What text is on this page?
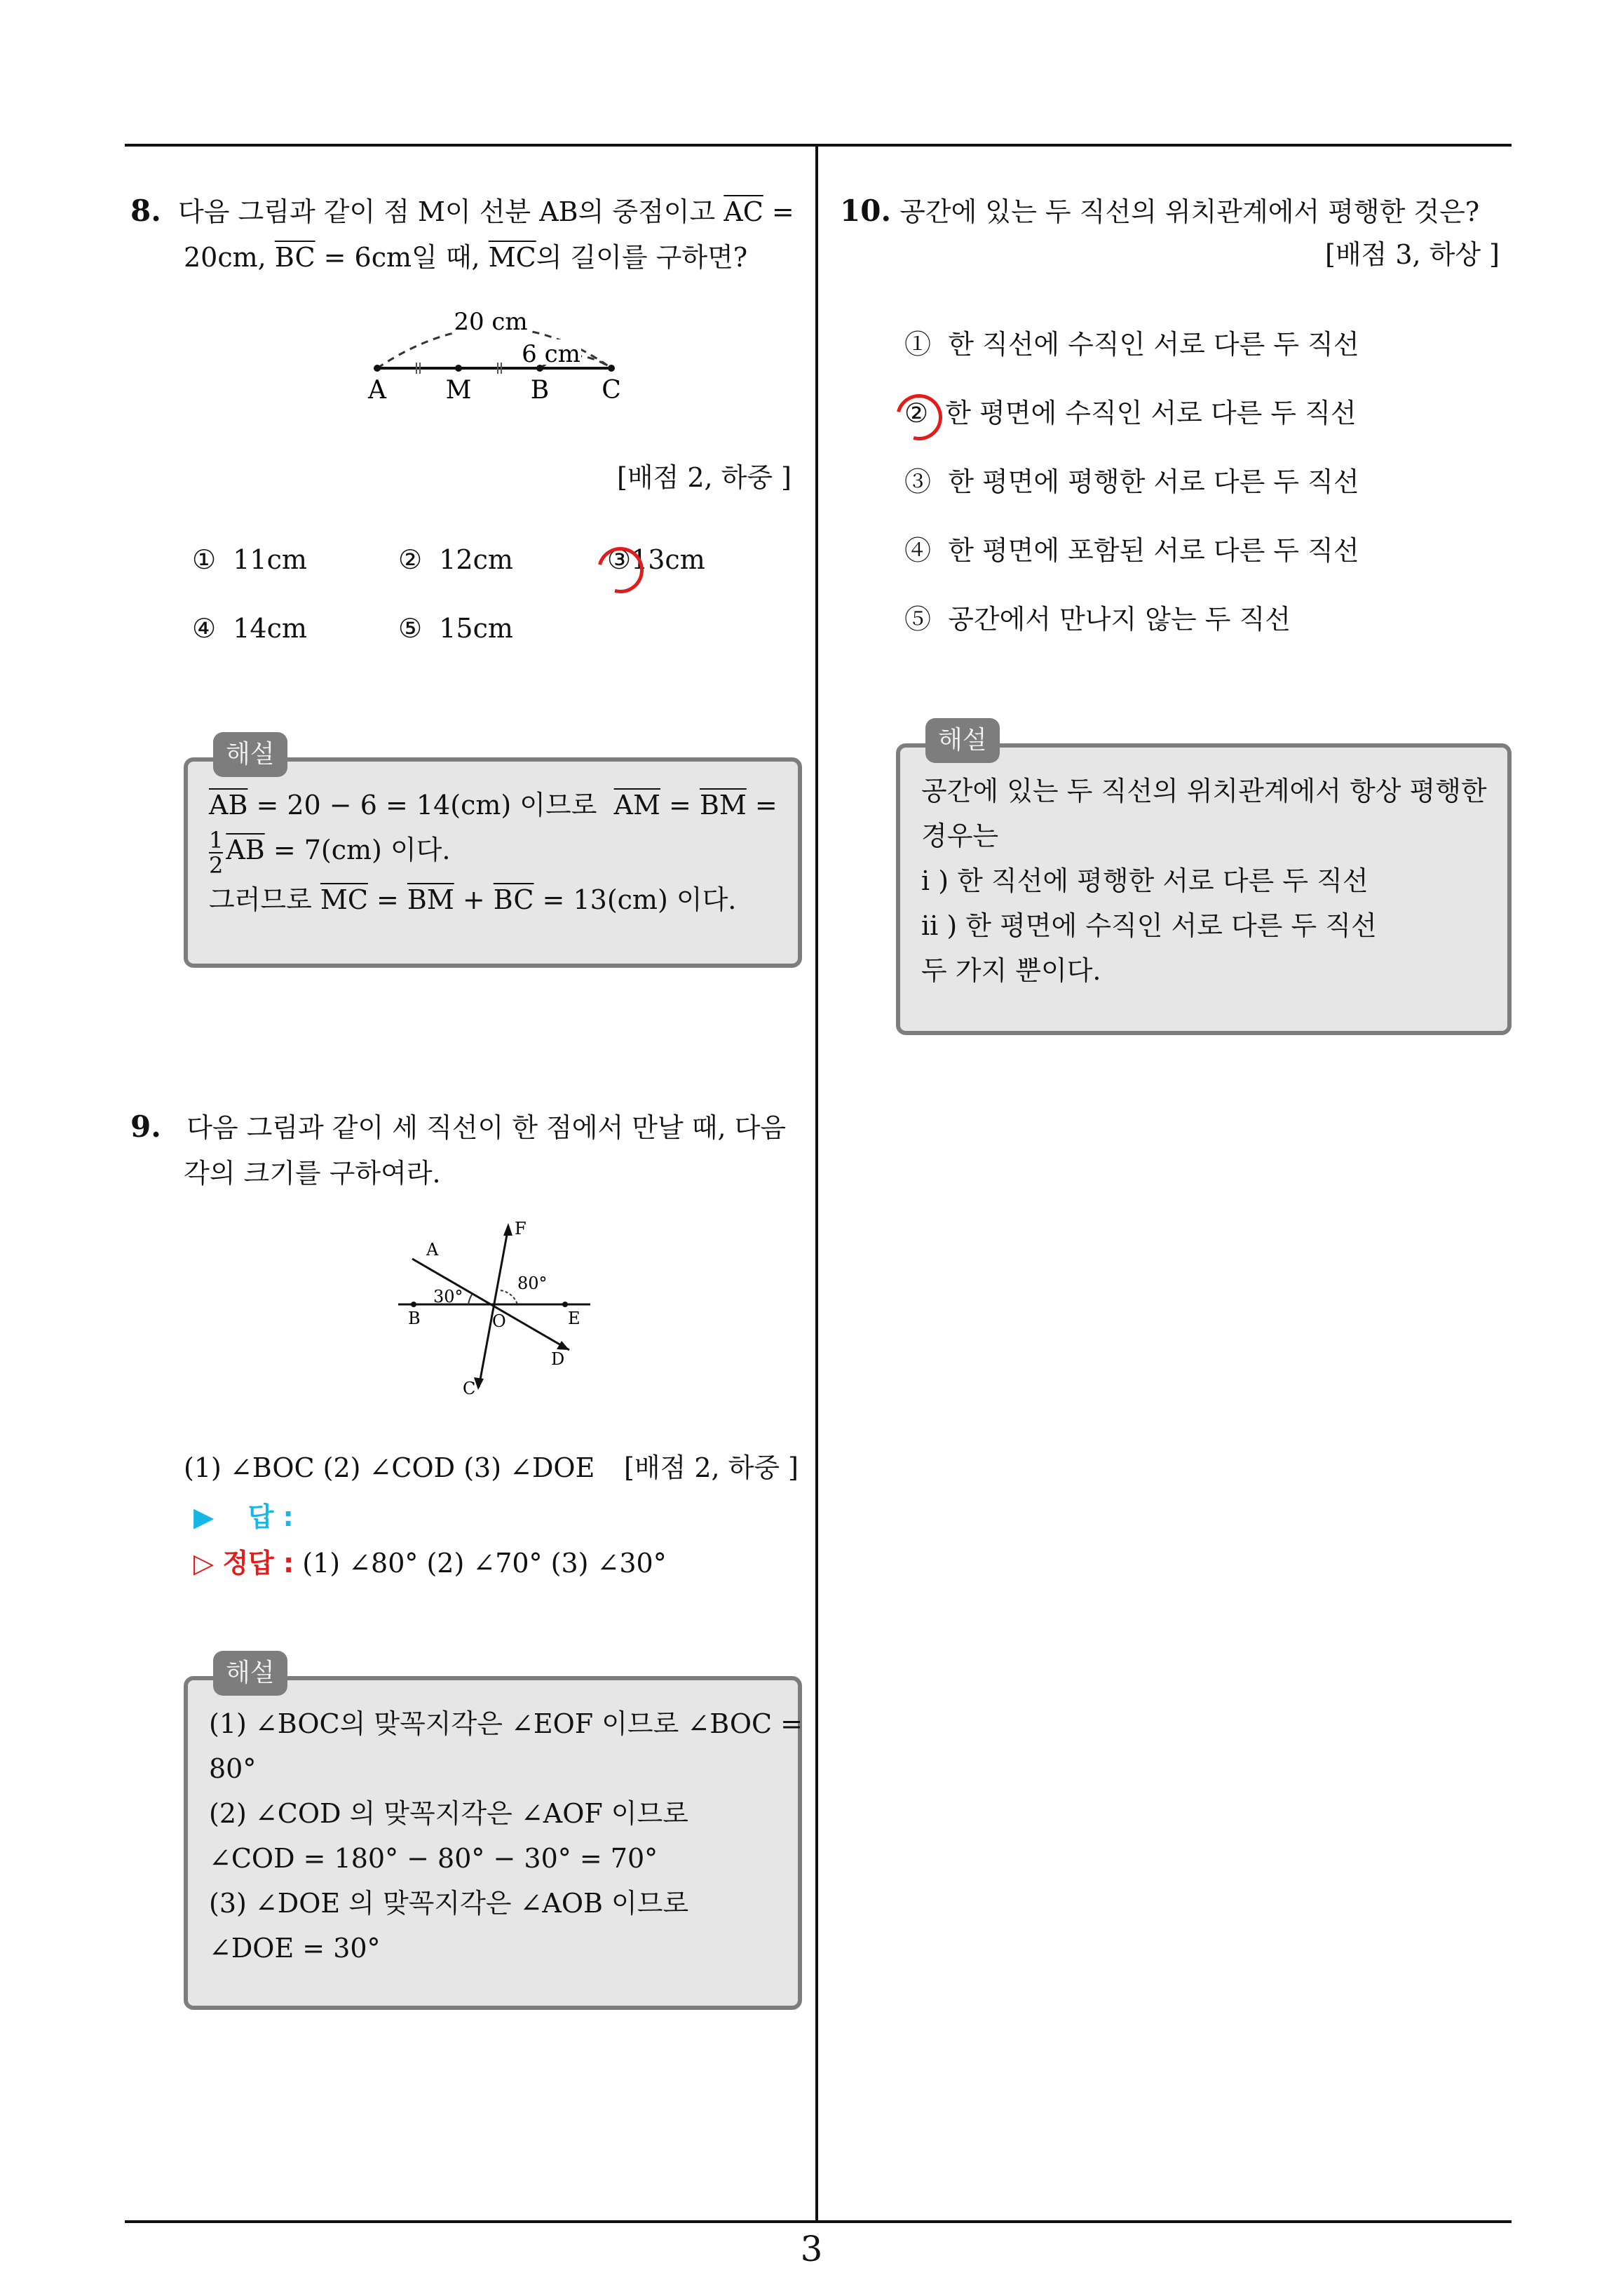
3
8. 다음 그림과 같이 점 M이 선분 AB의 중점이고 $\overline{AC}$ =
20cm, $\overline{BC} = 6cm$일 때, $\overline{MC}$의 길이를 구하면?
20 cm
6 cm
A M B C
[배점 2, 하중 ]
① 11cm	② 12cm	③
13cm
④ 14cm	⑤ 15cm
해설

$\overline{AB} = 20 - 6 = 14(cm)$ 이므로  $\overline{AM} = \overline{BM}$ =

$\frac{1}{2} \overline{AB} = 7(cm)$ 이다.

그러므로 $\overline{MC} = \overline{BM} + \overline{BC} = 13(cm)$ 이다.

9. 다음 그림과 같이 세 직선이 한 점에서 만날 때, 다음
각의 크기를 구하여라.
A
F
80°
30°
B	O	E
D
C
(1) ∠BOC (2) ∠COD (3) ∠DOE [배점 2, 하중 ]
▶ 답 :
▷ 정답 : (1) ∠80° (2) ∠70° (3) ∠30°
해설

(1) ∠BOC의 맞꼭지각은 ∠EOF 이므로 ∠BOC =

80°

(2) ∠COD 의 맞꼭지각은 ∠AOF 이므로

∠COD = 180° − 80° − 30° = 70°

(3) ∠DOE 의 맞꼭지각은 ∠AOB 이므로

∠DOE = 30°

10. 공간에 있는 두 직선의 위치관계에서 평행한 것은?
[배점 3, 하상 ]
① 한 직선에 수직인 서로 다른 두 직선
② 한 평면에 수직인 서로 다른 두 직선
③ 한 평면에 평행한 서로 다른 두 직선
④ 한 평면에 포함된 서로 다른 두 직선
⑤ 공간에서 만나지 않는 두 직선
해설

공간에 있는 두 직선의 위치관계에서 항상 평행한

경우는

i ) 한 직선에 평행한 서로 다른 두 직선

ii ) 한 평면에 수직인 서로 다른 두 직선

두 가지 뿐이다.
